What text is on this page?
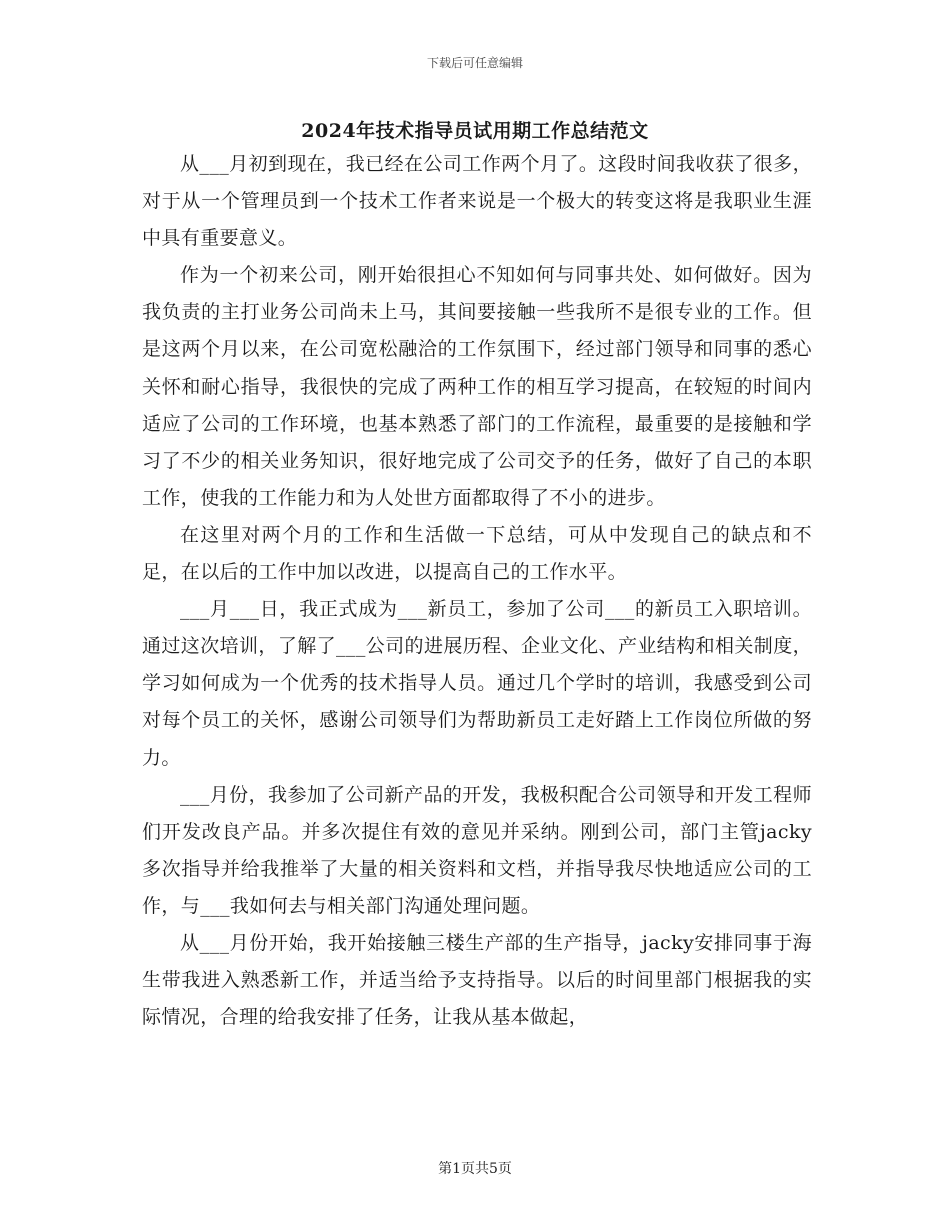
下载后可任意编辑
2024年技术指导员试用期工作总结范文

从___月初到现在，我已经在公司工作两个月了。这段时间我收获了很多，对于从一个管理员到一个技术工作者来说是一个极大的转变这将是我职业生涯中具有重要意义。

作为一个初来公司，刚开始很担心不知如何与同事共处、如何做好。因为我负责的主打业务公司尚未上马，其间要接触一些我所不是很专业的工作。但是这两个月以来，在公司宽松融洽的工作氛围下，经过部门领导和同事的悉心关怀和耐心指导，我很快的完成了两种工作的相互学习提高，在较短的时间内适应了公司的工作环境，也基本熟悉了部门的工作流程，最重要的是接触和学习了不少的相关业务知识，很好地完成了公司交予的任务，做好了自己的本职工作，使我的工作能力和为人处世方面都取得了不小的进步。

在这里对两个月的工作和生活做一下总结，可从中发现自己的缺点和不足，在以后的工作中加以改进，以提高自己的工作水平。

___月___日，我正式成为___新员工，参加了公司___的新员工入职培训。通过这次培训，了解了___公司的进展历程、企业文化、产业结构和相关制度，学习如何成为一个优秀的技术指导人员。通过几个学时的培训，我感受到公司对每个员工的关怀，感谢公司领导们为帮助新员工走好踏上工作岗位所做的努力。

___月份，我参加了公司新产品的开发，我极积配合公司领导和开发工程师们开发改良产品。并多次提住有效的意见并采纳。刚到公司，部门主管jacky多次指导并给我推举了大量的相关资料和文档，并指导我尽快地适应公司的工作，与___我如何去与相关部门沟通处理问题。

从___月份开始，我开始接触三楼生产部的生产指导，jacky安排同事于海生带我进入熟悉新工作，并适当给予支持指导。以后的时间里部门根据我的实际情况，合理的给我安排了任务，让我从基本做起，

第1页共5页
